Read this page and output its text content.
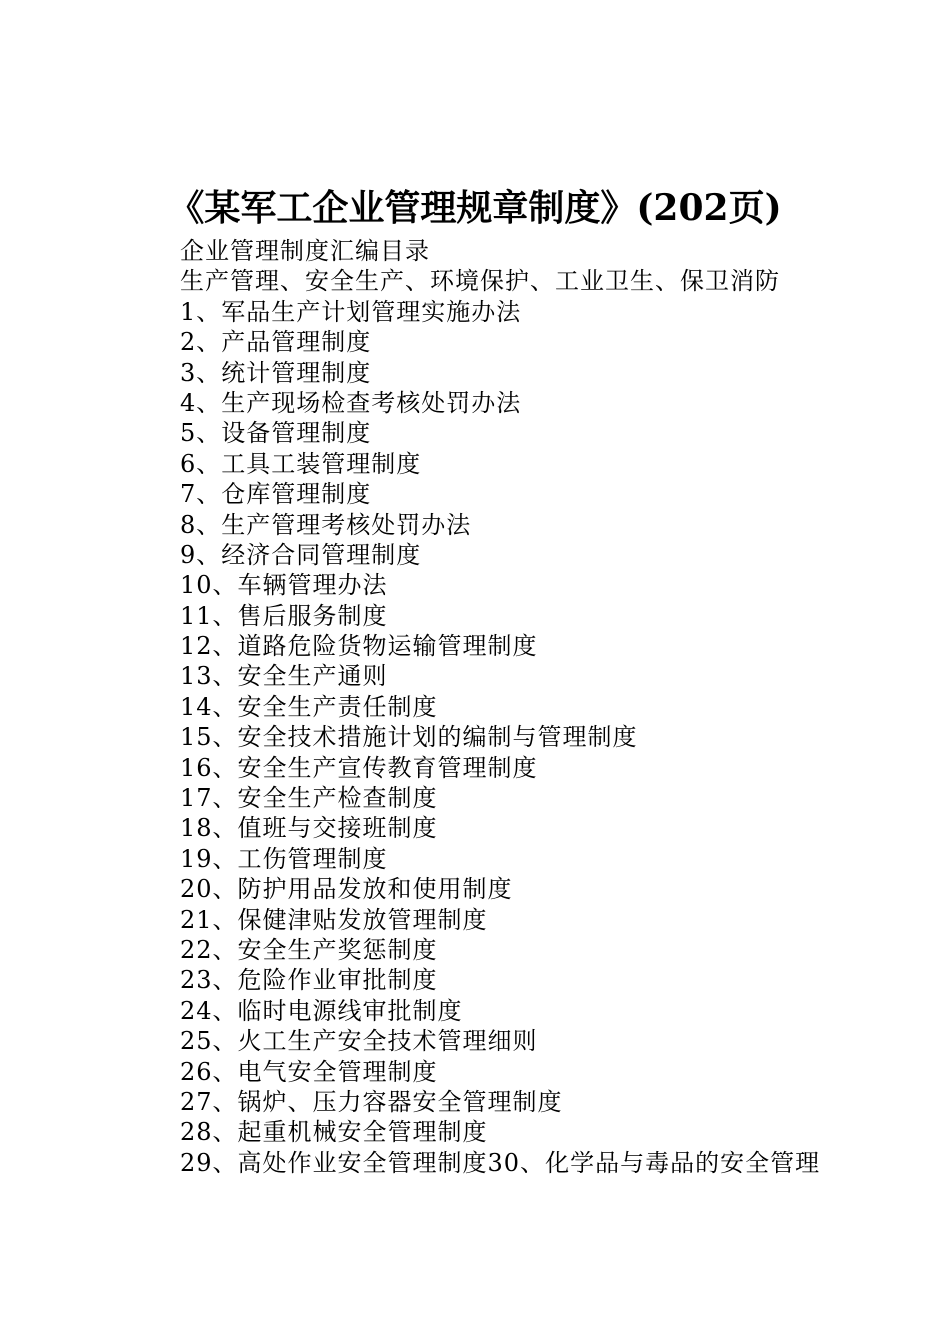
《某军工企业管理规章制度》(202页)
企业管理制度汇编目录
生产管理、安全生产、环境保护、工业卫生、保卫消防
1、军品生产计划管理实施办法
2、产品管理制度
3、统计管理制度
4、生产现场检查考核处罚办法
5、设备管理制度
6、工具工装管理制度
7、仓库管理制度
8、生产管理考核处罚办法
9、经济合同管理制度
10、车辆管理办法
11、售后服务制度
12、道路危险货物运输管理制度
13、安全生产通则
14、安全生产责任制度
15、安全技术措施计划的编制与管理制度
16、安全生产宣传教育管理制度
17、安全生产检查制度
18、值班与交接班制度
19、工伤管理制度
20、防护用品发放和使用制度
21、保健津贴发放管理制度
22、安全生产奖惩制度
23、危险作业审批制度
24、临时电源线审批制度
25、火工生产安全技术管理细则
26、电气安全管理制度
27、锅炉、压力容器安全管理制度
28、起重机械安全管理制度
29、高处作业安全管理制度30、化学品与毒品的安全管理
